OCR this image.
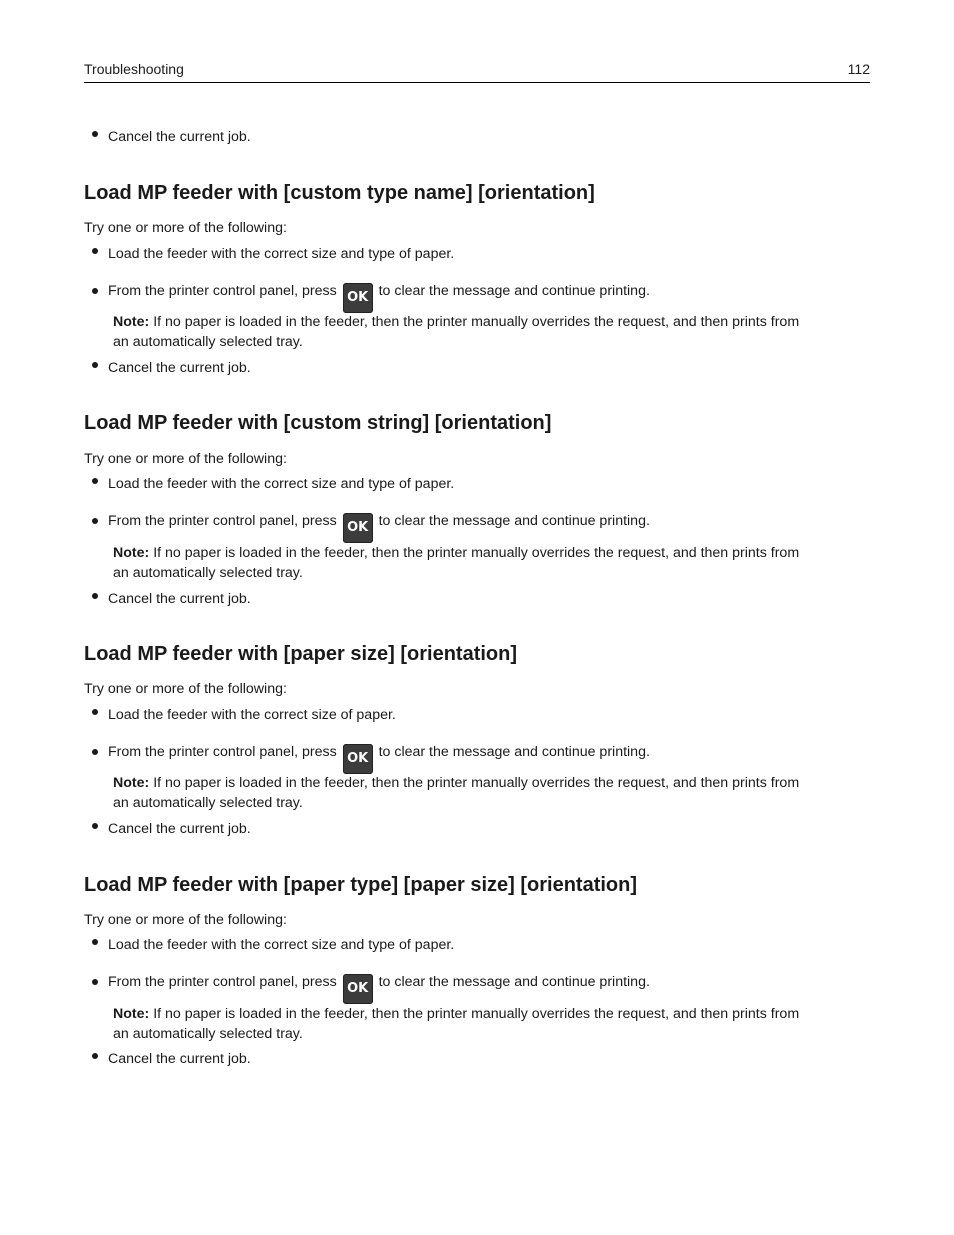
Troubleshooting	112
Cancel the current job.
Load MP feeder with [custom type name] [orientation]
Try one or more of the following:
Load the feeder with the correct size and type of paper.
From the printer control panel, press OK to clear the message and continue printing.
Note: If no paper is loaded in the feeder, then the printer manually overrides the request, and then prints from
an automatically selected tray.
Cancel the current job.
Load MP feeder with [custom string] [orientation]
Try one or more of the following:
Load the feeder with the correct size and type of paper.
From the printer control panel, press OK to clear the message and continue printing.
Note: If no paper is loaded in the feeder, then the printer manually overrides the request, and then prints from
an automatically selected tray.
Cancel the current job.
Load MP feeder with [paper size] [orientation]
Try one or more of the following:
Load the feeder with the correct size of paper.
From the printer control panel, press OK to clear the message and continue printing.
Note: If no paper is loaded in the feeder, then the printer manually overrides the request, and then prints from
an automatically selected tray.
Cancel the current job.
Load MP feeder with [paper type] [paper size] [orientation]
Try one or more of the following:
Load the feeder with the correct size and type of paper.
From the printer control panel, press OK to clear the message and continue printing.
Note: If no paper is loaded in the feeder, then the printer manually overrides the request, and then prints from
an automatically selected tray.
Cancel the current job.
